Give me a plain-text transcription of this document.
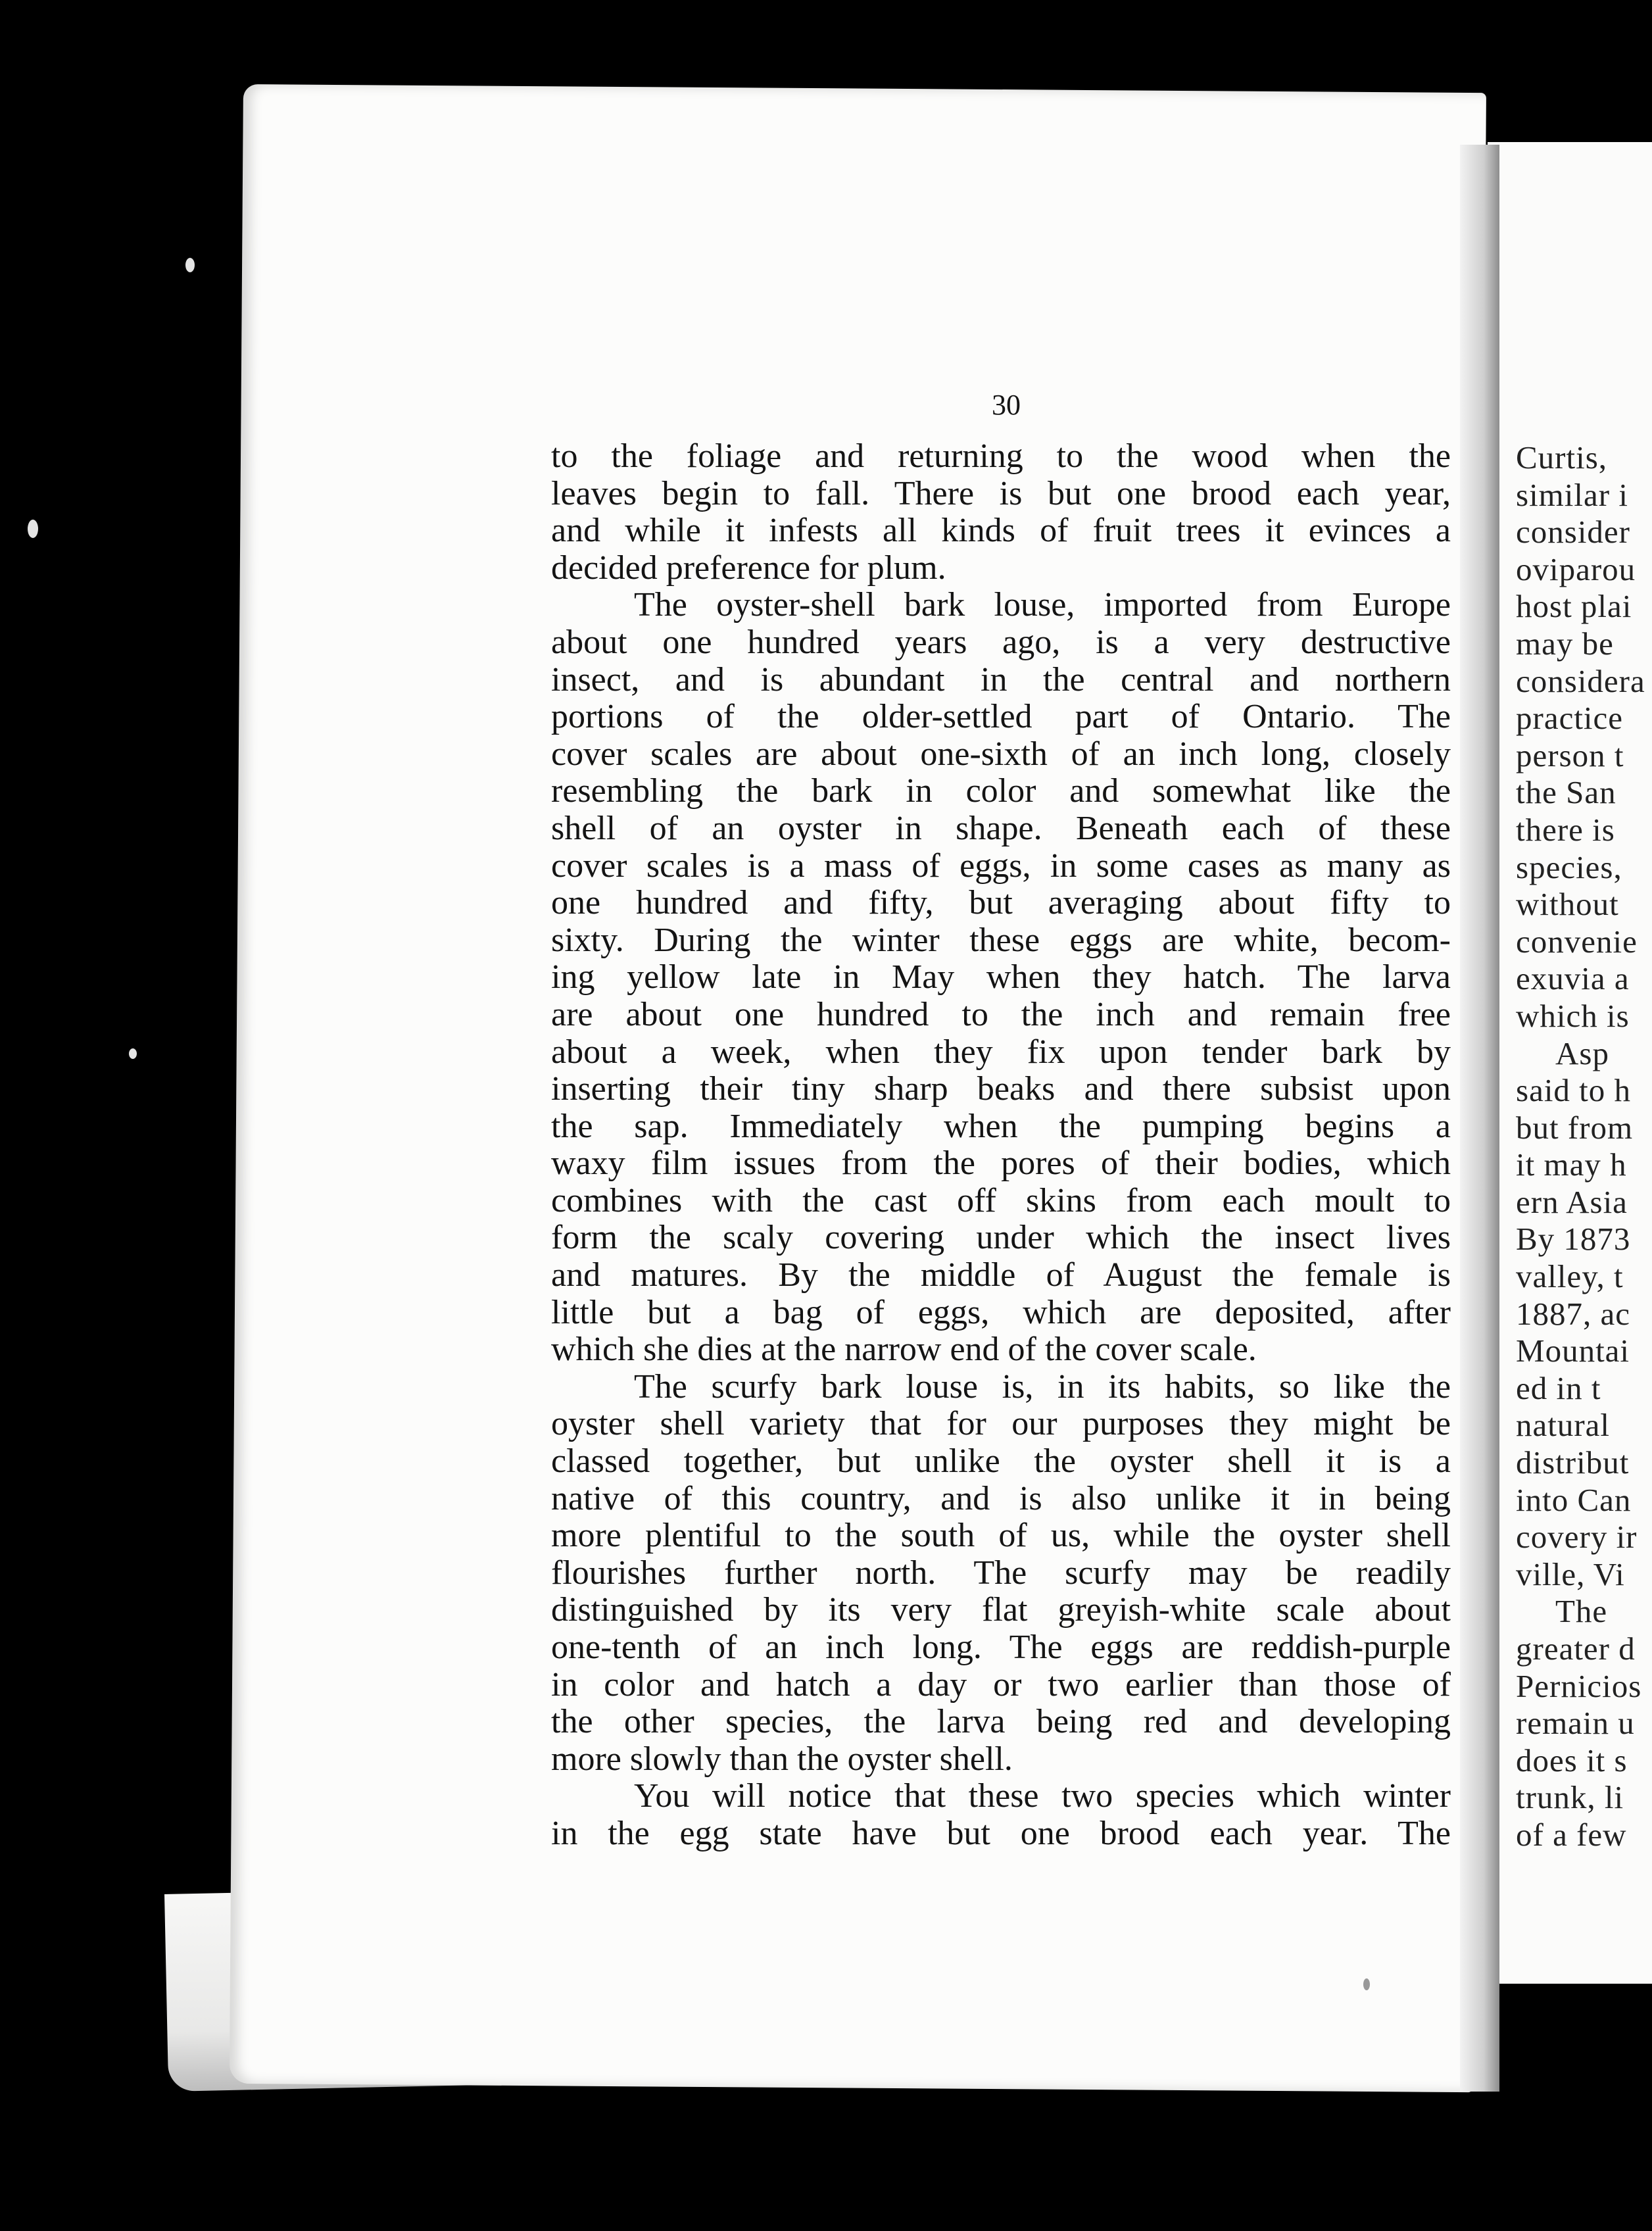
30
to the foliage and returning to the wood when the
leaves begin to fall. There is but one brood each year,
and while it infests all kinds of fruit trees it evinces a
decided preference for plum.
The oyster-shell bark louse, imported from Europe
about one hundred years ago, is a very destructive
insect, and is abundant in the central and northern
portions of the older-settled part of Ontario. The
cover scales are about one-sixth of an inch long, closely
resembling the bark in color and somewhat like the
shell of an oyster in shape. Beneath each of these
cover scales is a mass of eggs, in some cases as many as
one hundred and fifty, but averaging about fifty to
sixty. During the winter these eggs are white, becom-
ing yellow late in May when they hatch. The larva
are about one hundred to the inch and remain free
about a week, when they fix upon tender bark by
inserting their tiny sharp beaks and there subsist upon
the sap. Immediately when the pumping begins a
waxy film issues from the pores of their bodies, which
combines with the cast off skins from each moult to
form the scaly covering under which the insect lives
and matures. By the middle of August the female is
little but a bag of eggs, which are deposited, after
which she dies at the narrow end of the cover scale.
The scurfy bark louse is, in its habits, so like the
oyster shell variety that for our purposes they might be
classed together, but unlike the oyster shell it is a
native of this country, and is also unlike it in being
more plentiful to the south of us, while the oyster shell
flourishes further north. The scurfy may be readily
distinguished by its very flat greyish-white scale about
one-tenth of an inch long. The eggs are reddish-purple
in color and hatch a day or two earlier than those of
the other species, the larva being red and developing
more slowly than the oyster shell.
You will notice that these two species which winter
in the egg state have but one brood each year. The
Curtis,
similar i
consider
oviparou
host plai
may be
considera
practice
person t
the San
there is
species,
without
convenie
exuvia a
which is
Asp
said to h
but from
it may h
ern Asia
By 1873
valley, t
1887, ac
Mountai
ed in t
natural
distribut
into Can
covery ir
ville, Vi
The
greater d
Pernicios
remain u
does it s
trunk, li
of a few
